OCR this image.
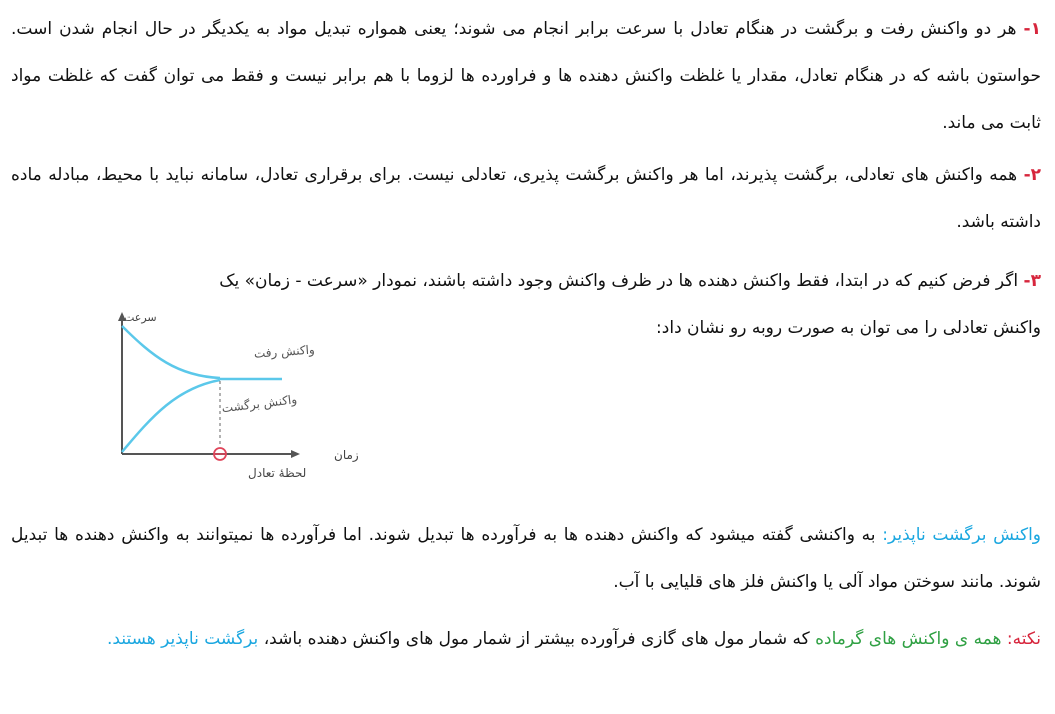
۱- هر دو واکنش رفت و برگشت در هنگام تعادل با سرعت برابر انجام می شوند؛ یعنی همواره تبدیل مواد به یکدیگر در حال انجام شدن است. حواستون باشه که در هنگام تعادل، مقدار یا غلظت واکنش دهنده ها و فراورده ها لزوما با هم برابر نیست و فقط می توان گفت که غلظت مواد ثابت می ماند.

۲- همه واکنش های تعادلی، برگشت پذیرند، اما هر واکنش برگشت پذیری، تعادلی نیست. برای برقراری تعادل، سامانه نباید با محیط، مبادله ماده داشته باشد.

۳- اگر فرض کنیم که در ابتدا، فقط واکنش دهنده ها در ظرف واکنش وجود داشته باشند، نمودار «سرعت - زمان» یک

واکنش تعادلی را می توان به صورت روبه رو نشان داد:

سرعت
زمان
واکنش رفت
واکنش برگشت
لحظهٔ تعادل

واکنش برگشت ناپذیر: به واکنشی گفته میشود که واکنش دهنده ها به فرآورده ها تبدیل شوند. اما فرآورده ها نمیتوانند به واکنش دهنده ها تبدیل شوند. مانند سوختن مواد آلی یا واکنش فلز های قلیایی با آب.

نکته: همه ی واکنش های گرماده که شمار مول های گازی فرآورده بیشتر از شمار مول های واکنش دهنده باشد، برگشت ناپذیر هستند.
